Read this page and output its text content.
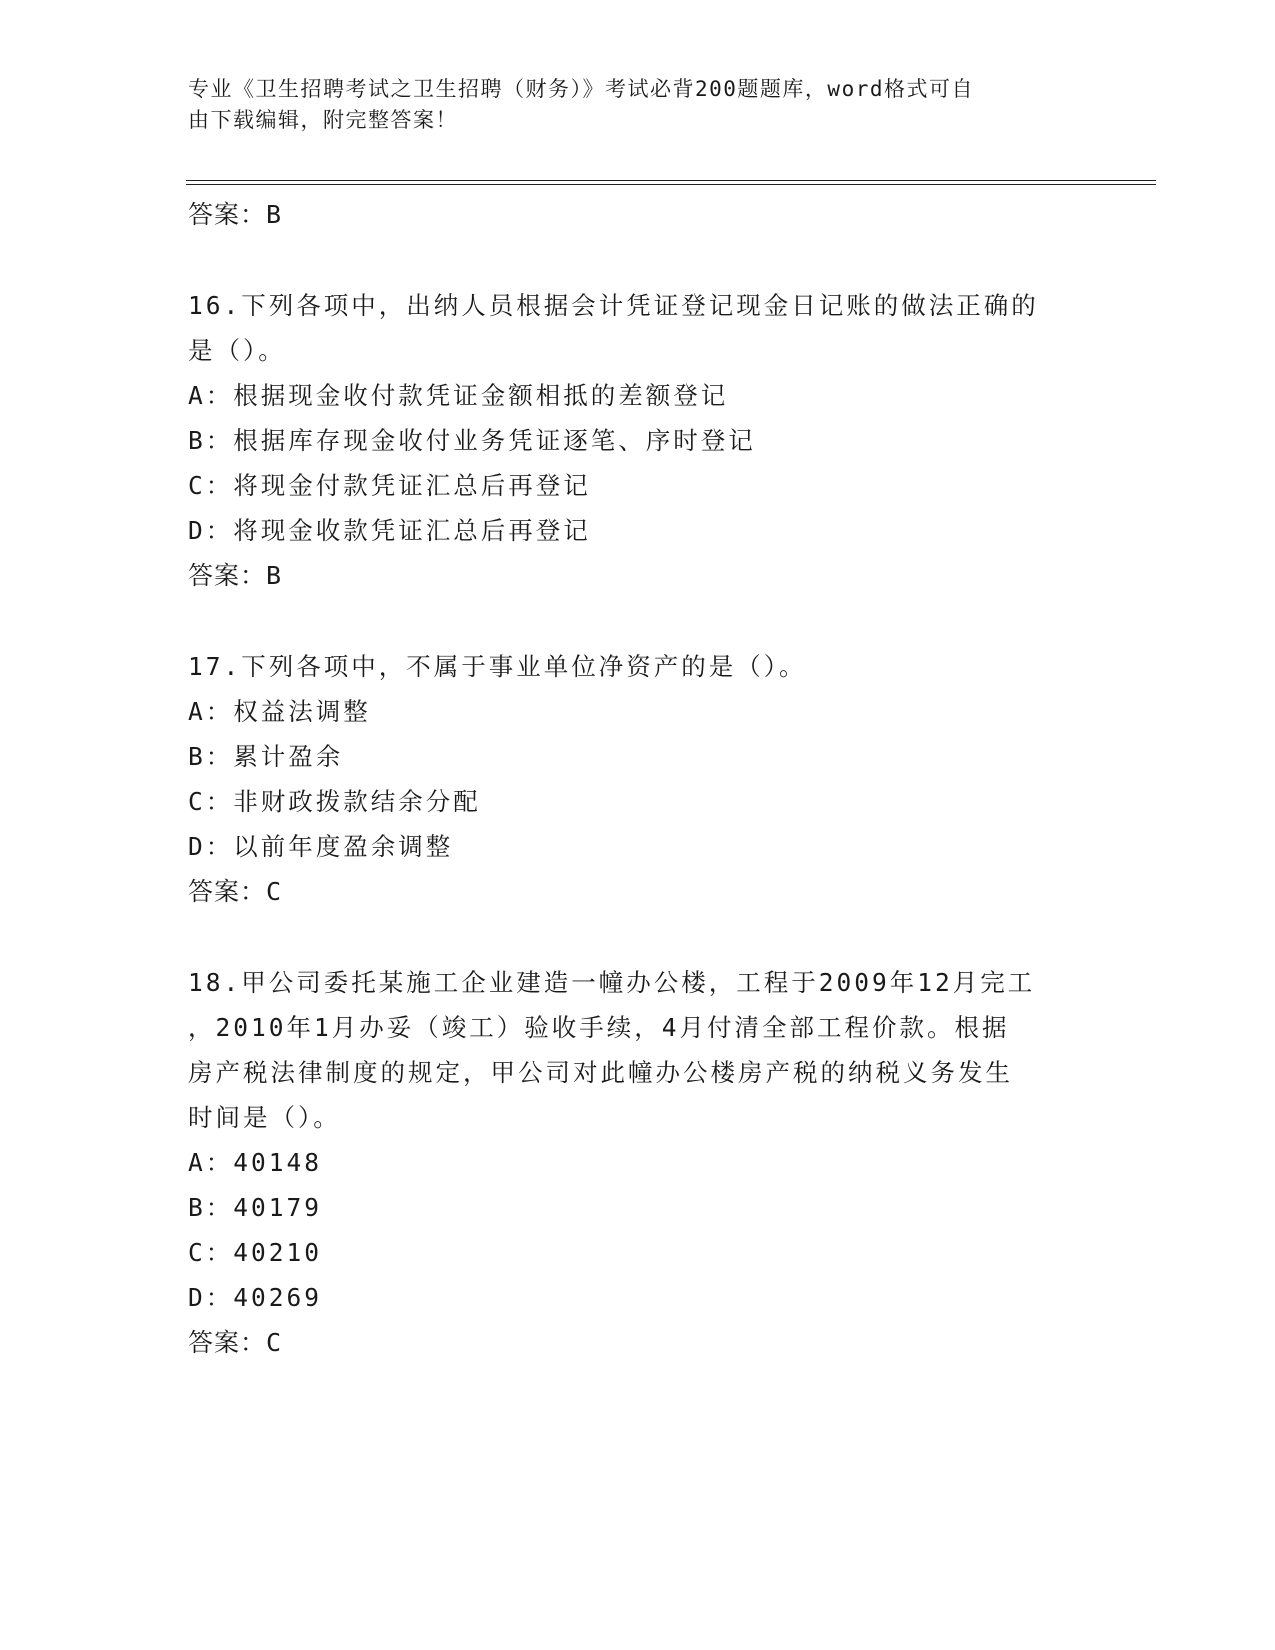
专业《卫生招聘考试之卫生招聘（财务）》考试必背200题题库，word格式可自
由下载编辑，附完整答案！
答案：B
16.下列各项中，出纳人员根据会计凭证登记现金日记账的做法正确的
是（）。
A：根据现金收付款凭证金额相抵的差额登记
B：根据库存现金收付业务凭证逐笔、序时登记
C：将现金付款凭证汇总后再登记
D：将现金收款凭证汇总后再登记
答案：B
17.下列各项中，不属于事业单位净资产的是（）。
A：权益法调整
B：累计盈余
C：非财政拨款结余分配
D：以前年度盈余调整
答案：C
18.甲公司委托某施工企业建造一幢办公楼，工程于2009年12月完工
，2010年1月办妥（竣工）验收手续，4月付清全部工程价款。根据
房产税法律制度的规定，甲公司对此幢办公楼房产税的纳税义务发生
时间是（）。
A：40148
B：40179
C：40210
D：40269
答案：C
